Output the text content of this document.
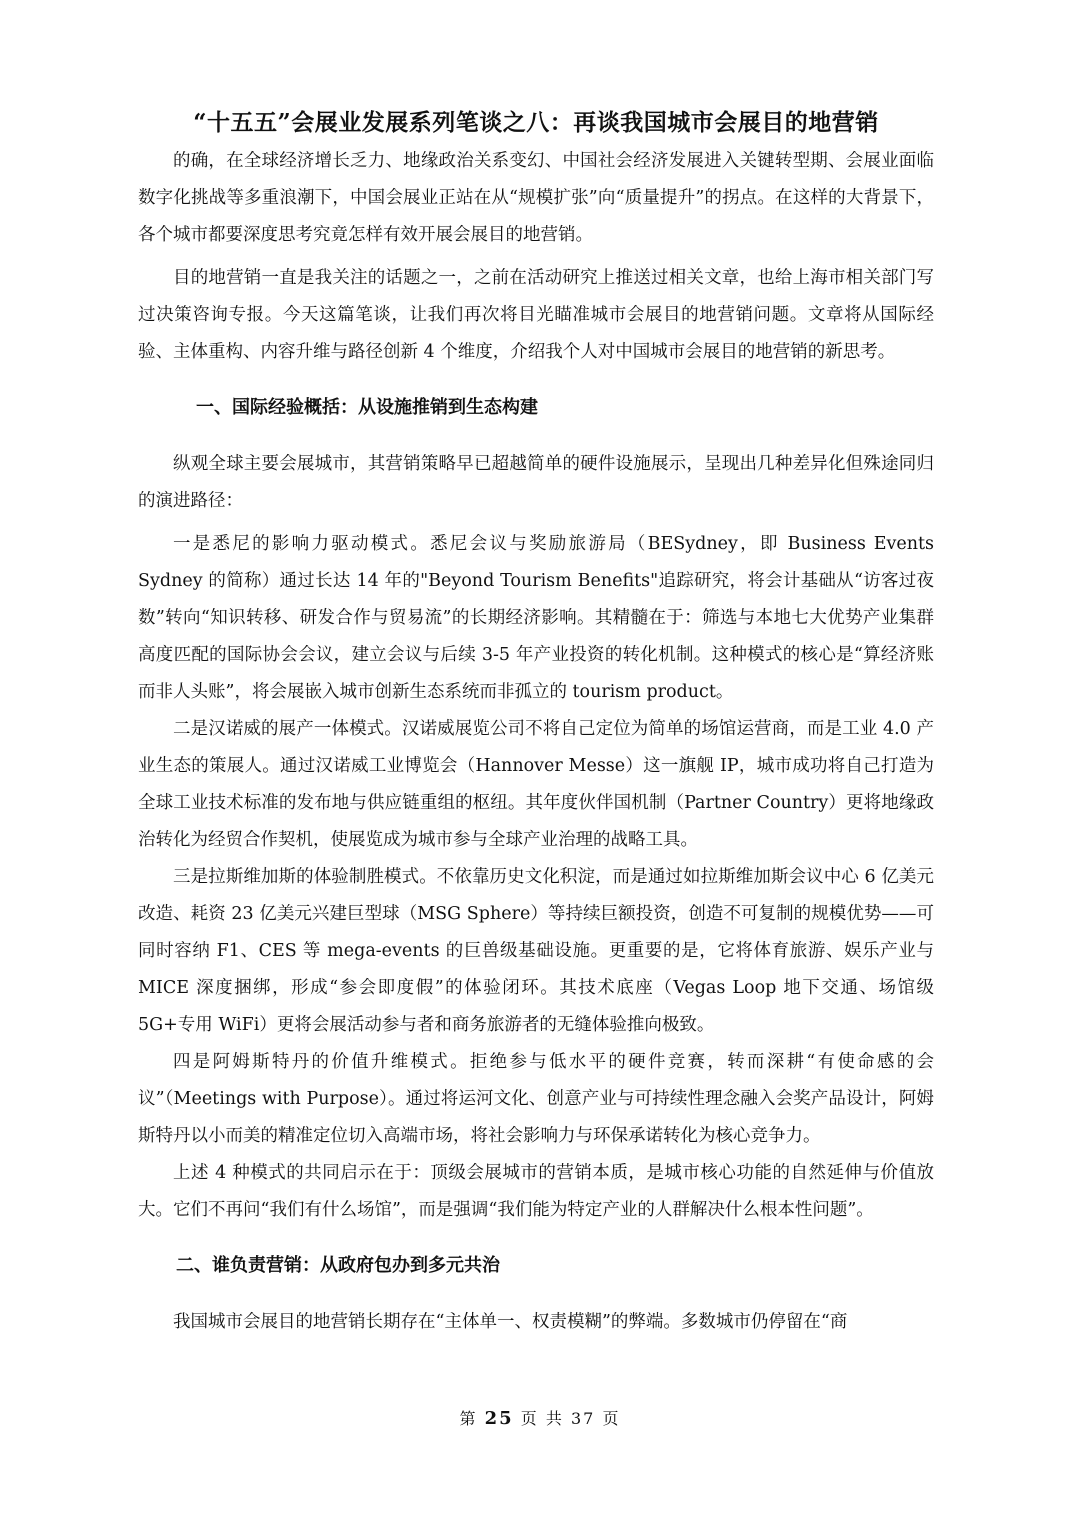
“十五五”会展业发展系列笔谈之八：再谈我国城市会展目的地营销

的确，在全球经济增长乏力、地缘政治关系变幻、中国社会经济发展进入关键转型期、会展业面临数字化挑战等多重浪潮下，中国会展业正站在从“规模扩张”向“质量提升”的拐点。在这样的大背景下，各个城市都要深度思考究竟怎样有效开展会展目的地营销。

目的地营销一直是我关注的话题之一，之前在活动研究上推送过相关文章，也给上海市相关部门写过决策咨询专报。今天这篇笔谈，让我们再次将目光瞄准城市会展目的地营销问题。文章将从国际经验、主体重构、内容升维与路径创新 4 个维度，介绍我个人对中国城市会展目的地营销的新思考。

一、国际经验概括：从设施推销到生态构建

纵观全球主要会展城市，其营销策略早已超越简单的硬件设施展示，呈现出几种差异化但殊途同归的演进路径：

一是悉尼的影响力驱动模式。悉尼会议与奖励旅游局（BESydney，即 Business Events Sydney 的简称）通过长达 14 年的"Beyond Tourism Benefits"追踪研究，将会计基础从“访客过夜数”转向“知识转移、研发合作与贸易流”的长期经济影响。其精髓在于：筛选与本地七大优势产业集群高度匹配的国际协会会议，建立会议与后续 3-5 年产业投资的转化机制。这种模式的核心是“算经济账而非人头账”，将会展嵌入城市创新生态系统而非孤立的 tourism product。

二是汉诺威的展产一体模式。汉诺威展览公司不将自己定位为简单的场馆运营商，而是工业 4.0 产业生态的策展人。通过汉诺威工业博览会（Hannover Messe）这一旗舰 IP，城市成功将自己打造为全球工业技术标准的发布地与供应链重组的枢纽。其年度伙伴国机制（Partner Country）更将地缘政治转化为经贸合作契机，使展览成为城市参与全球产业治理的战略工具。

三是拉斯维加斯的体验制胜模式。不依靠历史文化积淀，而是通过如拉斯维加斯会议中心 6 亿美元改造、耗资 23 亿美元兴建巨型球（MSG Sphere）等持续巨额投资，创造不可复制的规模优势——可同时容纳 F1、CES 等 mega-events 的巨兽级基础设施。更重要的是，它将体育旅游、娱乐产业与 MICE 深度捆绑，形成“参会即度假”的体验闭环。其技术底座（Vegas Loop 地下交通、场馆级 5G+专用 WiFi）更将会展活动参与者和商务旅游者的无缝体验推向极致。

四是阿姆斯特丹的价值升维模式。拒绝参与低水平的硬件竞赛，转而深耕“有使命感的会议”（Meetings with Purpose）。通过将运河文化、创意产业与可持续性理念融入会奖产品设计，阿姆斯特丹以小而美的精准定位切入高端市场，将社会影响力与环保承诺转化为核心竞争力。

上述 4 种模式的共同启示在于：顶级会展城市的营销本质，是城市核心功能的自然延伸与价值放大。它们不再问“我们有什么场馆”，而是强调“我们能为特定产业的人群解决什么根本性问题”。

二、谁负责营销：从政府包办到多元共治

我国城市会展目的地营销长期存在“主体单一、权责模糊”的弊端。多数城市仍停留在“商

第 25 页 共 37 页
